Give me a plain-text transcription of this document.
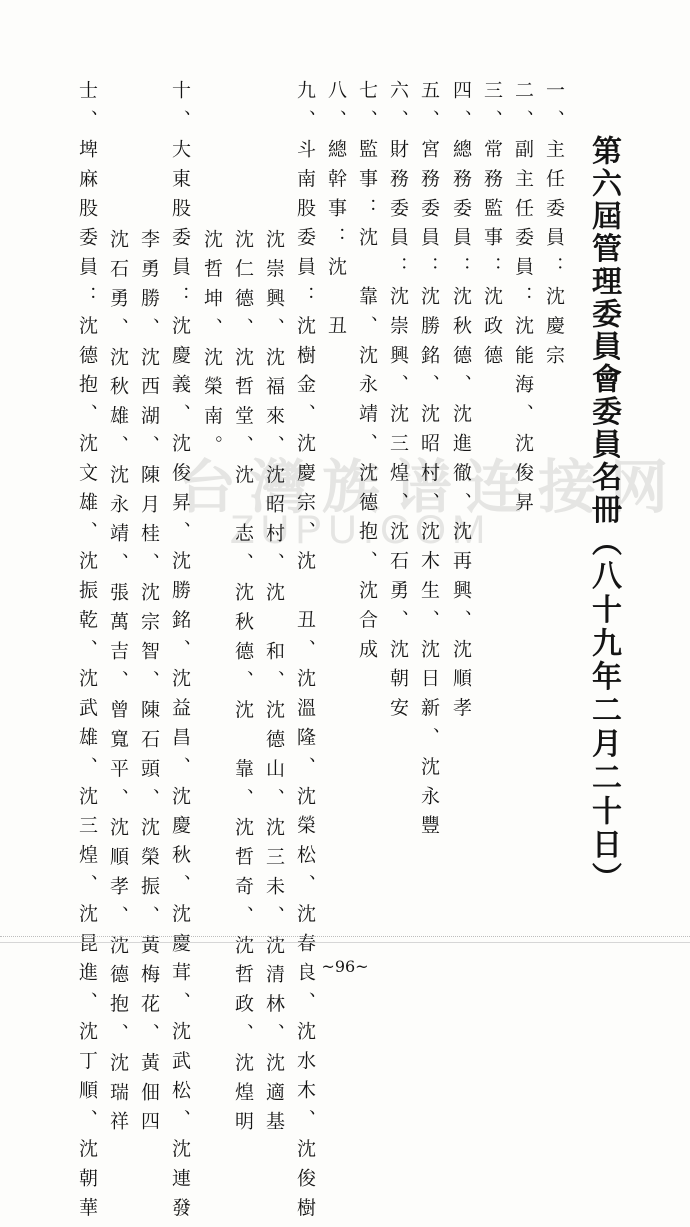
台灣族谱连接网
ZUPU.COM
第六屆管理委員會委員名冊（八十九年二月二十日）
一、主任委員：沈慶宗
二、副主任委員：沈能海、沈俊昇
三、常務監事：沈政德
四、總務委員：沈秋德、沈進徹、沈再興、沈順孝
五、宮務委員：沈勝銘、沈昭村、沈木生、沈日新、沈永豐
六、財務委員：沈崇興、沈三煌、沈石勇、沈朝安
七、監事：沈　靠、沈永靖、沈德抱、沈合成
八、總幹事：沈　丑
九、斗南股委員：沈樹金、沈慶宗、沈　丑、沈溫隆、沈榮松、沈春良、沈水木、沈俊樹
沈崇興、沈福來、沈昭村、沈　和、沈德山、沈三未、沈清林、沈適基
沈仁德、沈哲堂、沈　志、沈秋德、沈　靠、沈哲奇、沈哲政、沈煌明
沈哲坤、沈榮南。
十、大東股委員：沈慶義、沈俊昇、沈勝銘、沈益昌、沈慶秋、沈慶茸、沈武松、沈連發
李勇勝、沈西湖、陳月桂、沈宗智、陳石頭、沈榮振、黃梅花、黃佃四
沈石勇、沈秋雄、沈永靖、張萬吉、曾寬平、沈順孝、沈德抱、沈瑞祥
士、埤麻股委員：沈德抱、沈文雄、沈振乾、沈武雄、沈三煌、沈昆進、沈丁順、沈朝華	~96~
